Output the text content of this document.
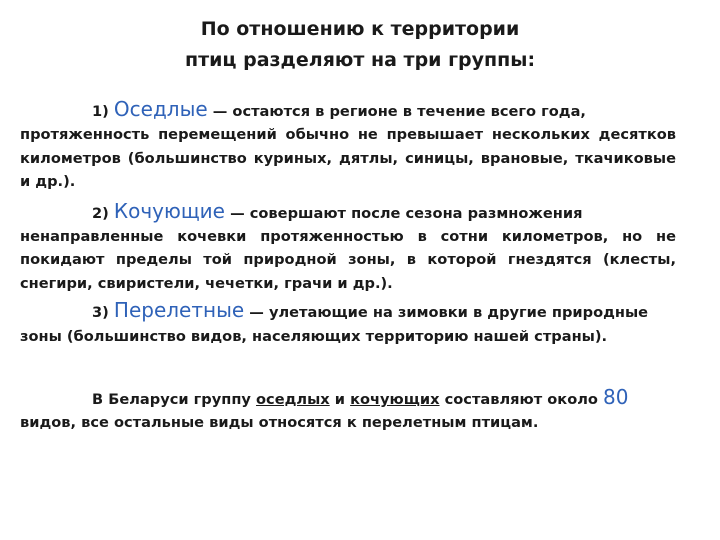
По отношению к территории
птиц разделяют на три группы:

1) Оседлые — остаются в регионе в течение всего года,
протяженность перемещений обычно не превышает нескольких десятков километров (большинство куриных, дятлы, синицы, врановые, ткачиковые и др.).

2) Кочующие — совершают после сезона размножения
ненаправленные кочевки протяженностью в сотни километров, но не покидают пределы той природной зоны, в которой гнездятся (клесты, снегири, свиристели, чечетки, грачи и др.).

3) Перелетные — улетающие на зимовки в другие природные
зоны (большинство видов, населяющих территорию нашей страны).

В Беларуси группу оседлых и кочующих составляют около 80
видов, все остальные виды относятся к перелетным птицам.
